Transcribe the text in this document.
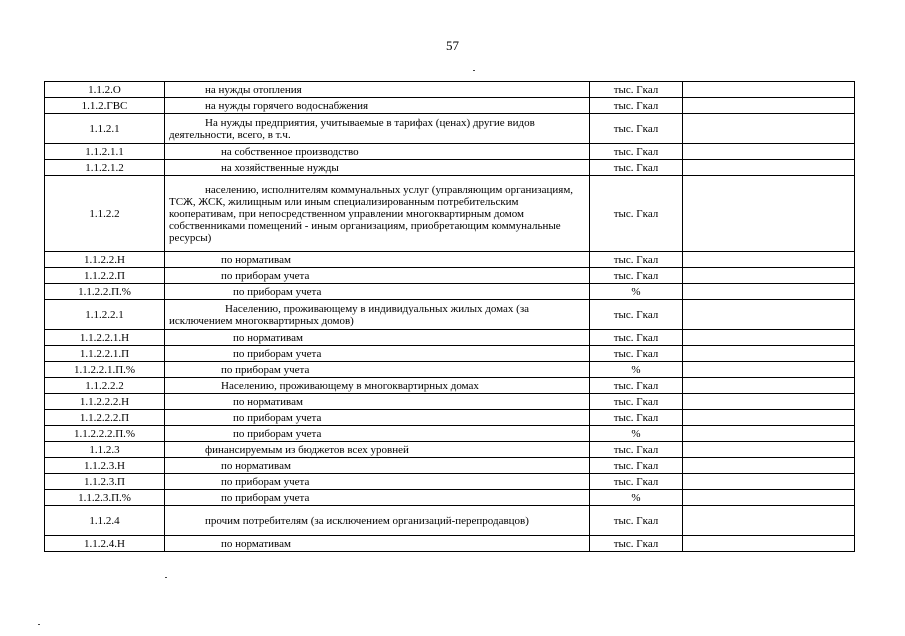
57
1.1.2.О	на нужды отопления	тыс. Гкал	
1.1.2.ГВС	на нужды горячего водоснабжения	тыс. Гкал	
1.1.2.1	На нужды предприятия, учитываемые в тарифах (ценах) другие видов деятельности, всего, в т.ч.	тыс. Гкал	
1.1.2.1.1	на собственное производство	тыс. Гкал	
1.1.2.1.2	на хозяйственные нужды	тыс. Гкал	
1.1.2.2	населению, исполнителям коммунальных услуг (управляющим организациям, ТСЖ, ЖСК, жилищным или иным специализированным потребительским кооперативам, при непосредственном управлении многоквартирным домом собственниками помещений - иным организациям, приобретающим коммунальные ресурсы)	тыс. Гкал	
1.1.2.2.Н	по нормативам	тыс. Гкал	
1.1.2.2.П	по приборам учета	тыс. Гкал	
1.1.2.2.П.%	по приборам учета	%	
1.1.2.2.1	Населению, проживающему в индивидуальных жилых домах (за исключением многоквартирных домов)	тыс. Гкал	
1.1.2.2.1.Н	по нормативам	тыс. Гкал	
1.1.2.2.1.П	по приборам учета	тыс. Гкал	
1.1.2.2.1.П.%	по приборам учета	%	
1.1.2.2.2	Населению, проживающему в многоквартирных домах	тыс. Гкал	
1.1.2.2.2.Н	по нормативам	тыс. Гкал	
1.1.2.2.2.П	по приборам учета	тыс. Гкал	
1.1.2.2.2.П.%	по приборам учета	%	
1.1.2.3	финансируемым из бюджетов всех уровней	тыс. Гкал	
1.1.2.3.Н	по нормативам	тыс. Гкал	
1.1.2.3.П	по приборам учета	тыс. Гкал	
1.1.2.3.П.%	по приборам учета	%	
1.1.2.4	прочим потребителям (за исключением организаций-перепродавцов)	тыс. Гкал	
1.1.2.4.Н	по нормативам	тыс. Гкал	
